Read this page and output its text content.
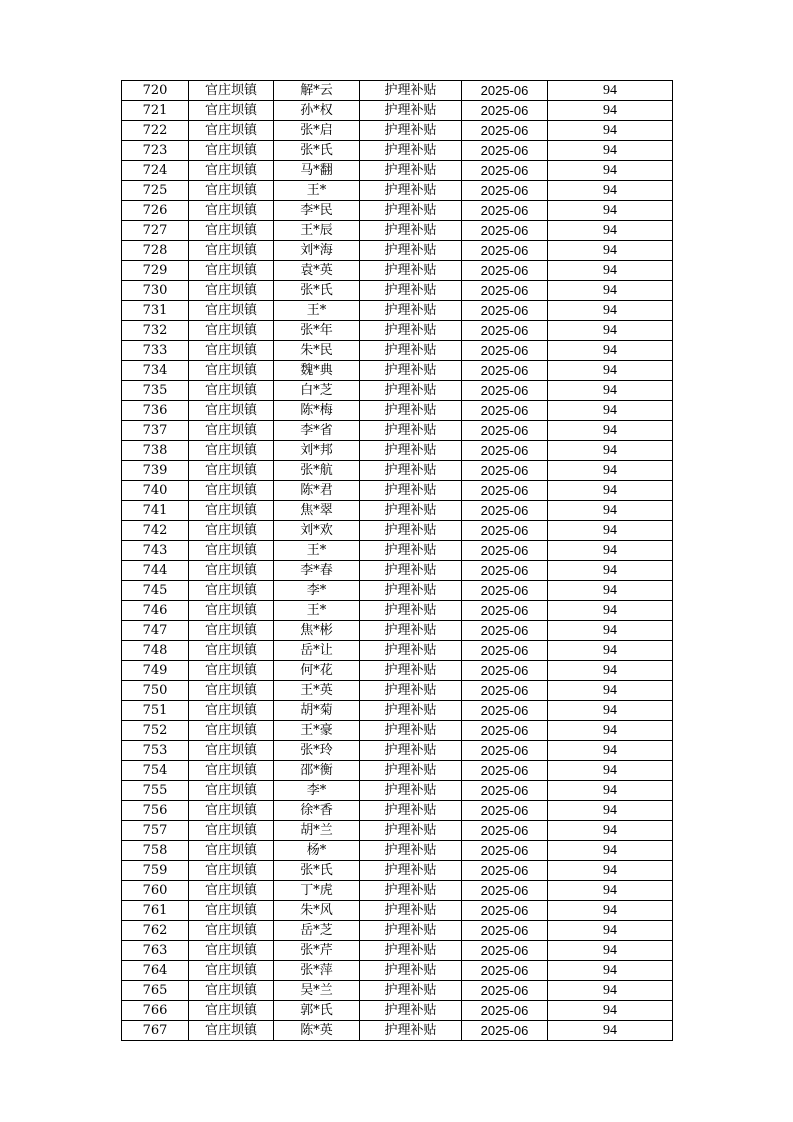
720	官庄坝镇	解*云	护理补贴	2025-06	94
721	官庄坝镇	孙*权	护理补贴	2025-06	94
722	官庄坝镇	张*启	护理补贴	2025-06	94
723	官庄坝镇	张*氏	护理补贴	2025-06	94
724	官庄坝镇	马*翻	护理补贴	2025-06	94
725	官庄坝镇	王*	护理补贴	2025-06	94
726	官庄坝镇	李*民	护理补贴	2025-06	94
727	官庄坝镇	王*辰	护理补贴	2025-06	94
728	官庄坝镇	刘*海	护理补贴	2025-06	94
729	官庄坝镇	袁*英	护理补贴	2025-06	94
730	官庄坝镇	张*氏	护理补贴	2025-06	94
731	官庄坝镇	王*	护理补贴	2025-06	94
732	官庄坝镇	张*年	护理补贴	2025-06	94
733	官庄坝镇	朱*民	护理补贴	2025-06	94
734	官庄坝镇	魏*典	护理补贴	2025-06	94
735	官庄坝镇	白*芝	护理补贴	2025-06	94
736	官庄坝镇	陈*梅	护理补贴	2025-06	94
737	官庄坝镇	李*省	护理补贴	2025-06	94
738	官庄坝镇	刘*邦	护理补贴	2025-06	94
739	官庄坝镇	张*航	护理补贴	2025-06	94
740	官庄坝镇	陈*君	护理补贴	2025-06	94
741	官庄坝镇	焦*翠	护理补贴	2025-06	94
742	官庄坝镇	刘*欢	护理补贴	2025-06	94
743	官庄坝镇	王*	护理补贴	2025-06	94
744	官庄坝镇	李*春	护理补贴	2025-06	94
745	官庄坝镇	李*	护理补贴	2025-06	94
746	官庄坝镇	王*	护理补贴	2025-06	94
747	官庄坝镇	焦*彬	护理补贴	2025-06	94
748	官庄坝镇	岳*让	护理补贴	2025-06	94
749	官庄坝镇	何*花	护理补贴	2025-06	94
750	官庄坝镇	王*英	护理补贴	2025-06	94
751	官庄坝镇	胡*菊	护理补贴	2025-06	94
752	官庄坝镇	王*豪	护理补贴	2025-06	94
753	官庄坝镇	张*玲	护理补贴	2025-06	94
754	官庄坝镇	邵*衡	护理补贴	2025-06	94
755	官庄坝镇	李*	护理补贴	2025-06	94
756	官庄坝镇	徐*香	护理补贴	2025-06	94
757	官庄坝镇	胡*兰	护理补贴	2025-06	94
758	官庄坝镇	杨*	护理补贴	2025-06	94
759	官庄坝镇	张*氏	护理补贴	2025-06	94
760	官庄坝镇	丁*虎	护理补贴	2025-06	94
761	官庄坝镇	朱*风	护理补贴	2025-06	94
762	官庄坝镇	岳*芝	护理补贴	2025-06	94
763	官庄坝镇	张*芹	护理补贴	2025-06	94
764	官庄坝镇	张*萍	护理补贴	2025-06	94
765	官庄坝镇	吴*兰	护理补贴	2025-06	94
766	官庄坝镇	郭*氏	护理补贴	2025-06	94
767	官庄坝镇	陈*英	护理补贴	2025-06	94
